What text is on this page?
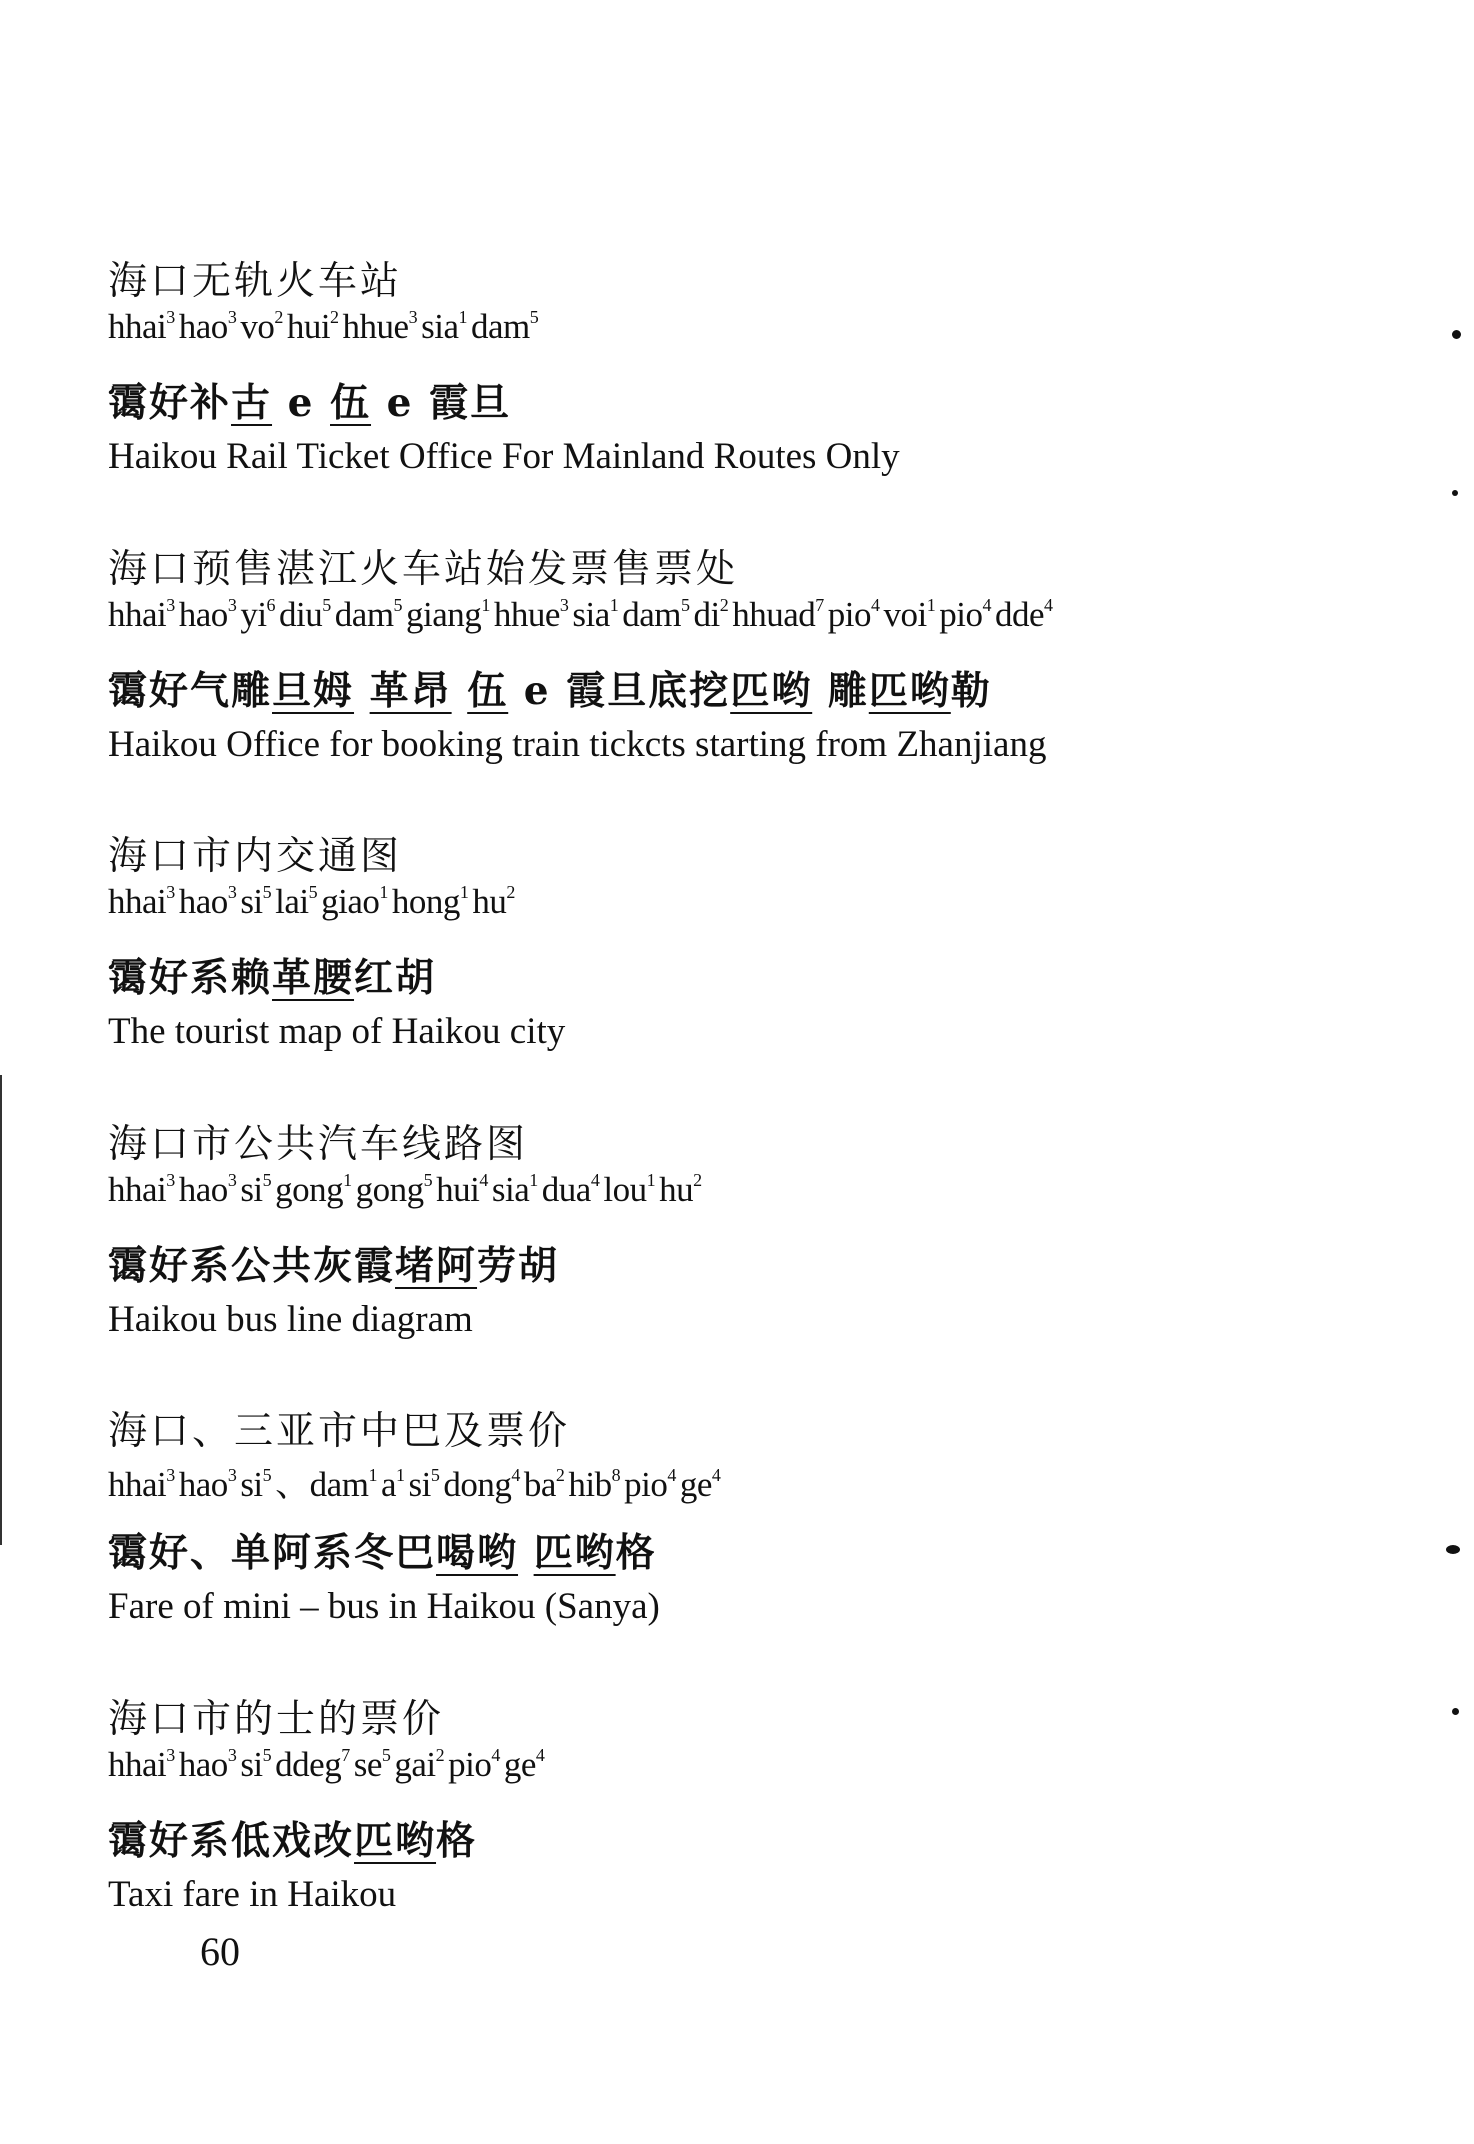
海口无轨火车站
hhai$^3$ hao$^3$ $vo^2$ hui$^2$ hhue$^3$ sia$^1$ dam$^5$
霭好补古 e 伍 e 霞旦
Haikou Rail Ticket Office For Mainland Routes Only
海口预售湛江火车站始发票售票处
hhai$^3$ hao$^3$ $yi^6$ diu$^5$ dam$^5$ giang$^1$ hhue$^3$ sia$^1$ dam$^5$ $di^2$ hhuad$^7$ pio$^4$ voi$^1$ pio$^4$ dde$^4$
霭好气雕旦姆 革昂 伍 e 霞旦底挖匹哟 雕匹哟勒
Haikou Office for booking train tickcts starting from Zhanjiang
海口市内交通图
hhai$^3$ hao$^3$ $si^5$ lai$^5$ giao$^1$ hong$^1$ $hu^2$
霭好系赖革腰红胡
The tourist map of Haikou city
海口市公共汽车线路图
hhai$^3$ hao$^3$ $si^5$ gong$^1$ gong$^5$ hui$^4$ sia$^1$ dua$^4$ lou$^1$ $hu^2$
霭好系公共灰霞堵阿劳胡
Haikou bus line diagram
海口、三亚市中巴及票价
hhai$^3$ hao$^3$ $si^5$ 、dam$^1$ $a^1$ $si^5$ dong$^4$ $ba^2$ hib$^8$ pio$^4$ $ge^4$
霭好、单阿系冬巴喝哟 匹哟格
Fare of mini – bus in Haikou (Sanya)
海口市的士的票价
hhai$^3$ hao$^3$ $si^5$ ddeg$^7$ $se^5$ gai$^2$ pio$^4$ $ge^4$
霭好系低戏改匹哟格
Taxi fare in Haikou
60
